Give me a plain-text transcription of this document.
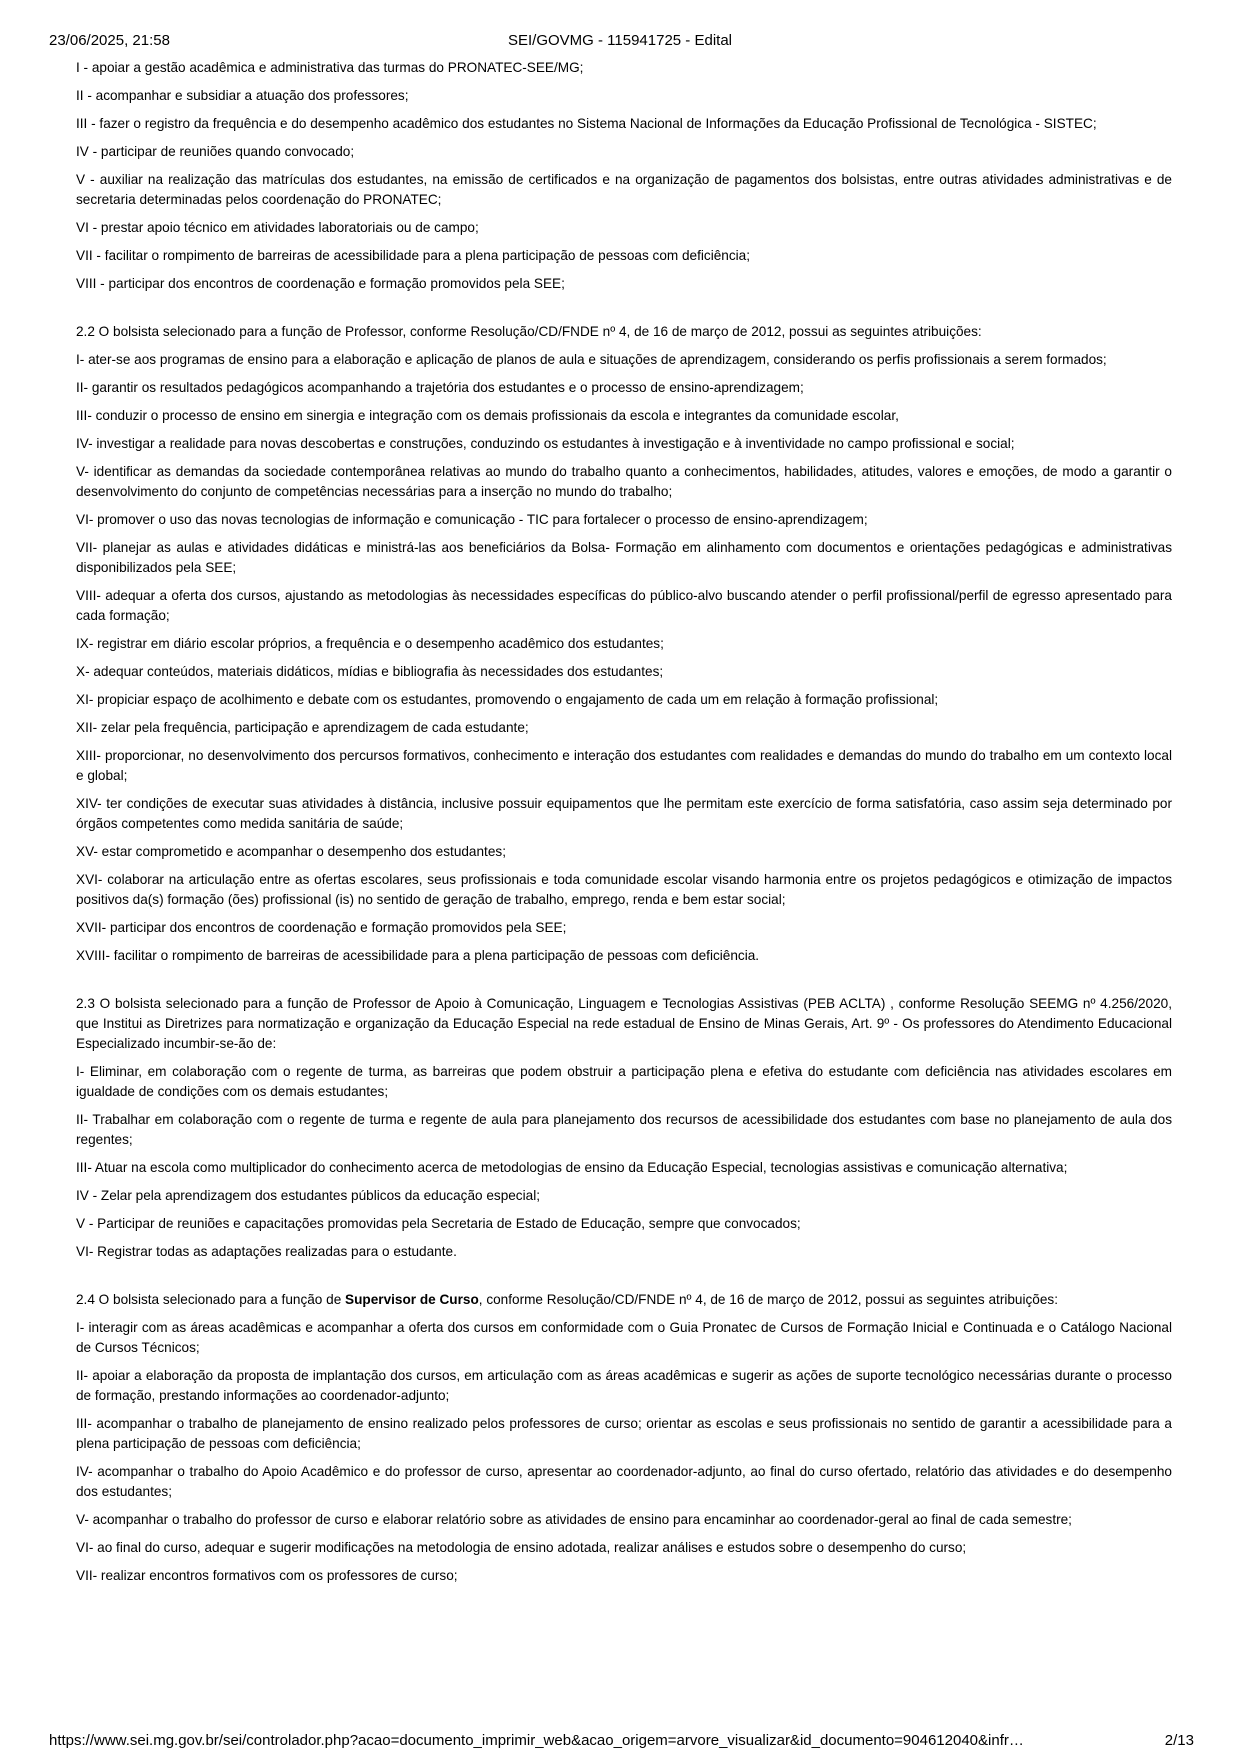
23/06/2025, 21:58	SEI/GOVMG - 115941725 - Edital

I - apoiar a gestão acadêmica e administrativa das turmas do PRONATEC-SEE/MG;

II - acompanhar e subsidiar a atuação dos professores;

III - fazer o registro da frequência e do desempenho acadêmico dos estudantes no Sistema Nacional de Informações da Educação Profissional de Tecnológica - SISTEC;

IV - participar de reuniões quando convocado;

V - auxiliar na realização das matrículas dos estudantes, na emissão de certificados e na organização de pagamentos dos bolsistas, entre outras atividades administrativas e de secretaria determinadas pelos coordenação do PRONATEC;

VI - prestar apoio técnico em atividades laboratoriais ou de campo;

VII - facilitar o rompimento de barreiras de acessibilidade para a plena participação de pessoas com deficiência;

VIII - participar dos encontros de coordenação e formação promovidos pela SEE;

2.2 O bolsista selecionado para a função de Professor, conforme Resolução/CD/FNDE nº 4, de 16 de março de 2012, possui as seguintes atribuições:

I- ater-se aos programas de ensino para a elaboração e aplicação de planos de aula e situações de aprendizagem, considerando os perfis profissionais a serem formados;

II- garantir os resultados pedagógicos acompanhando a trajetória dos estudantes e o processo de ensino-aprendizagem;

III- conduzir o processo de ensino em sinergia e integração com os demais profissionais da escola e integrantes da comunidade escolar,

IV- investigar a realidade para novas descobertas e construções, conduzindo os estudantes à investigação e à inventividade no campo profissional e social;

V- identificar as demandas da sociedade contemporânea relativas ao mundo do trabalho quanto a conhecimentos, habilidades, atitudes, valores e emoções, de modo a garantir o desenvolvimento do conjunto de competências necessárias para a inserção no mundo do trabalho;

VI- promover o uso das novas tecnologias de informação e comunicação - TIC para fortalecer o processo de ensino-aprendizagem;

VII- planejar as aulas e atividades didáticas e ministrá-las aos beneficiários da Bolsa- Formação em alinhamento com documentos e orientações pedagógicas e administrativas disponibilizados pela SEE;

VIII- adequar a oferta dos cursos, ajustando as metodologias às necessidades específicas do público-alvo buscando atender o perfil profissional/perfil de egresso apresentado para cada formação;

IX- registrar em diário escolar próprios, a frequência e o desempenho acadêmico dos estudantes;

X- adequar conteúdos, materiais didáticos, mídias e bibliografia às necessidades dos estudantes;

XI- propiciar espaço de acolhimento e debate com os estudantes, promovendo o engajamento de cada um em relação à formação profissional;

XII- zelar pela frequência, participação e aprendizagem de cada estudante;

XIII- proporcionar, no desenvolvimento dos percursos formativos, conhecimento e interação dos estudantes com realidades e demandas do mundo do trabalho em um contexto local e global;

XIV- ter condições de executar suas atividades à distância, inclusive possuir equipamentos que lhe permitam este exercício de forma satisfatória, caso assim seja determinado por órgãos competentes como medida sanitária de saúde;

XV- estar comprometido e acompanhar o desempenho dos estudantes;

XVI- colaborar na articulação entre as ofertas escolares, seus profissionais e toda comunidade escolar visando harmonia entre os projetos pedagógicos e otimização de impactos positivos da(s) formação (ões) profissional (is) no sentido de geração de trabalho, emprego, renda e bem estar social;

XVII- participar dos encontros de coordenação e formação promovidos pela SEE;

XVIII- facilitar o rompimento de barreiras de acessibilidade para a plena participação de pessoas com deficiência.

2.3 O bolsista selecionado para a função de Professor de Apoio à Comunicação, Linguagem e Tecnologias Assistivas (PEB ACLTA) , conforme Resolução SEEMG nº 4.256/2020, que Institui as Diretrizes para normatização e organização da Educação Especial na rede estadual de Ensino de Minas Gerais, Art. 9º - Os professores do Atendimento Educacional Especializado incumbir-se-ão de:

I- Eliminar, em colaboração com o regente de turma, as barreiras que podem obstruir a participação plena e efetiva do estudante com deficiência nas atividades escolares em igualdade de condições com os demais estudantes;

II- Trabalhar em colaboração com o regente de turma e regente de aula para planejamento dos recursos de acessibilidade dos estudantes com base no planejamento de aula dos regentes;

III- Atuar na escola como multiplicador do conhecimento acerca de metodologias de ensino da Educação Especial, tecnologias assistivas e comunicação alternativa;

IV - Zelar pela aprendizagem dos estudantes públicos da educação especial;

V - Participar de reuniões e capacitações promovidas pela Secretaria de Estado de Educação, sempre que convocados;

VI- Registrar todas as adaptações realizadas para o estudante.

2.4 O bolsista selecionado para a função de Supervisor de Curso, conforme Resolução/CD/FNDE nº 4, de 16 de março de 2012, possui as seguintes atribuições:

I- interagir com as áreas acadêmicas e acompanhar a oferta dos cursos em conformidade com o Guia Pronatec de Cursos de Formação Inicial e Continuada e o Catálogo Nacional de Cursos Técnicos;

II- apoiar a elaboração da proposta de implantação dos cursos, em articulação com as áreas acadêmicas e sugerir as ações de suporte tecnológico necessárias durante o processo de formação, prestando informações ao coordenador-adjunto;

III- acompanhar o trabalho de planejamento de ensino realizado pelos professores de curso; orientar as escolas e seus profissionais no sentido de garantir a acessibilidade para a plena participação de pessoas com deficiência;

IV- acompanhar o trabalho do Apoio Acadêmico e do professor de curso, apresentar ao coordenador-adjunto, ao final do curso ofertado, relatório das atividades e do desempenho dos estudantes;

V- acompanhar o trabalho do professor de curso e elaborar relatório sobre as atividades de ensino para encaminhar ao coordenador-geral ao final de cada semestre;

VI- ao final do curso, adequar e sugerir modificações na metodologia de ensino adotada, realizar análises e estudos sobre o desempenho do curso;

VII- realizar encontros formativos com os professores de curso;

https://www.sei.mg.gov.br/sei/controlador.php?acao=documento_imprimir_web&acao_origem=arvore_visualizar&id_documento=904612040&infr…	2/13
